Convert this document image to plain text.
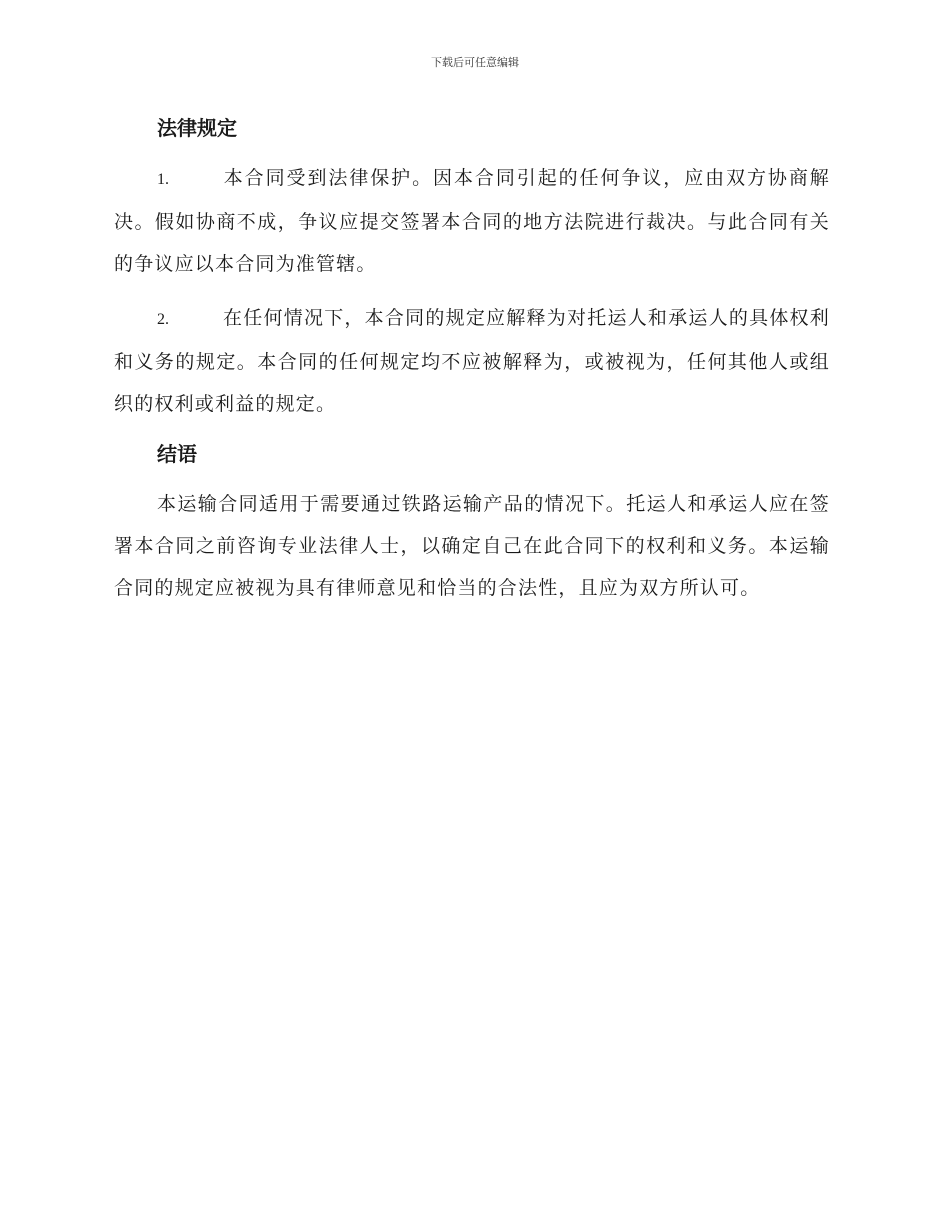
下载后可任意编辑
法律规定

1.	本合同受到法律保护。因本合同引起的任何争议，应由双方协商解决。假如协商不成，争议应提交签署本合同的地方法院进行裁决。与此合同有关的争议应以本合同为准管辖。

2.	在任何情况下，本合同的规定应解释为对托运人和承运人的具体权利和义务的规定。本合同的任何规定均不应被解释为，或被视为，任何其他人或组织的权利或利益的规定。

结语

本运输合同适用于需要通过铁路运输产品的情况下。托运人和承运人应在签署本合同之前咨询专业法律人士，以确定自己在此合同下的权利和义务。本运输合同的规定应被视为具有律师意见和恰当的合法性，且应为双方所认可。
